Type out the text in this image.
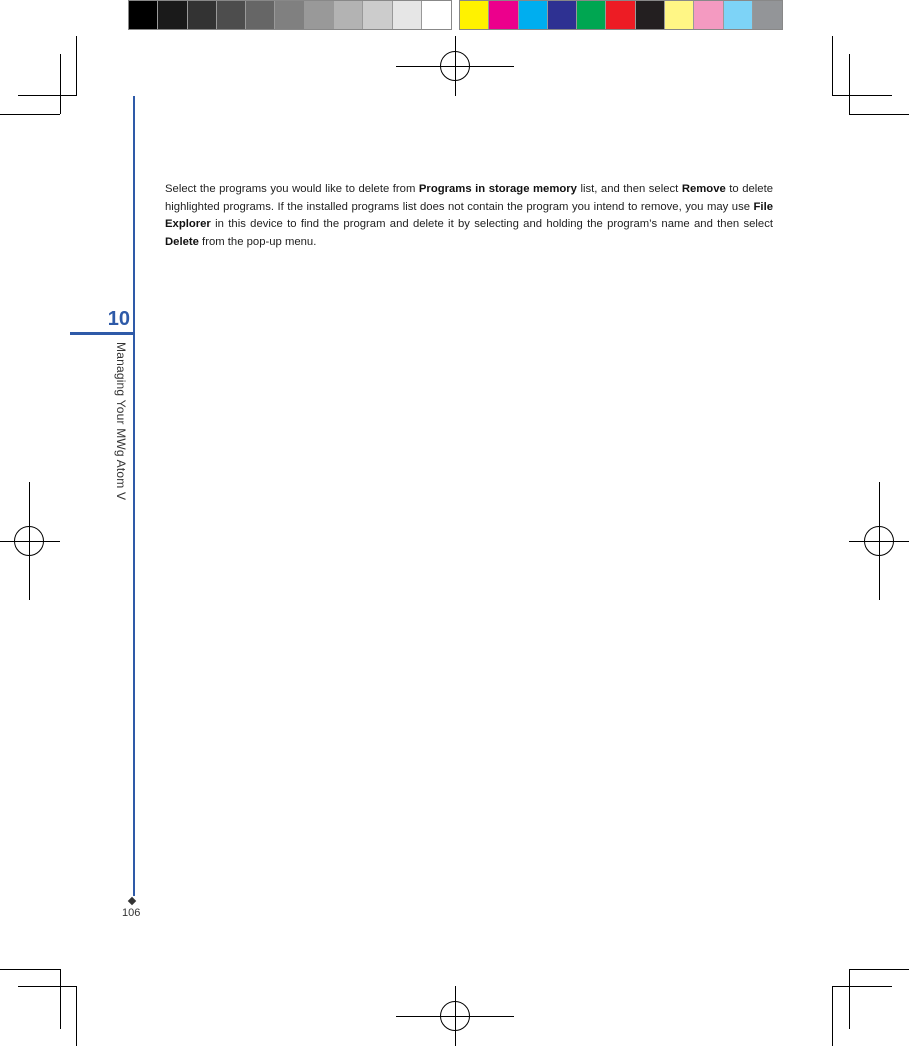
10
Managing Your MWg Atom V

Select the programs you would like to delete from Programs in storage memory list, and then select Remove to delete highlighted programs. If the installed programs list does not contain the program you intend to remove, you may use File Explorer in this device to find the program and delete it by selecting and holding the program’s name and then select Delete from the pop-up menu.

106
